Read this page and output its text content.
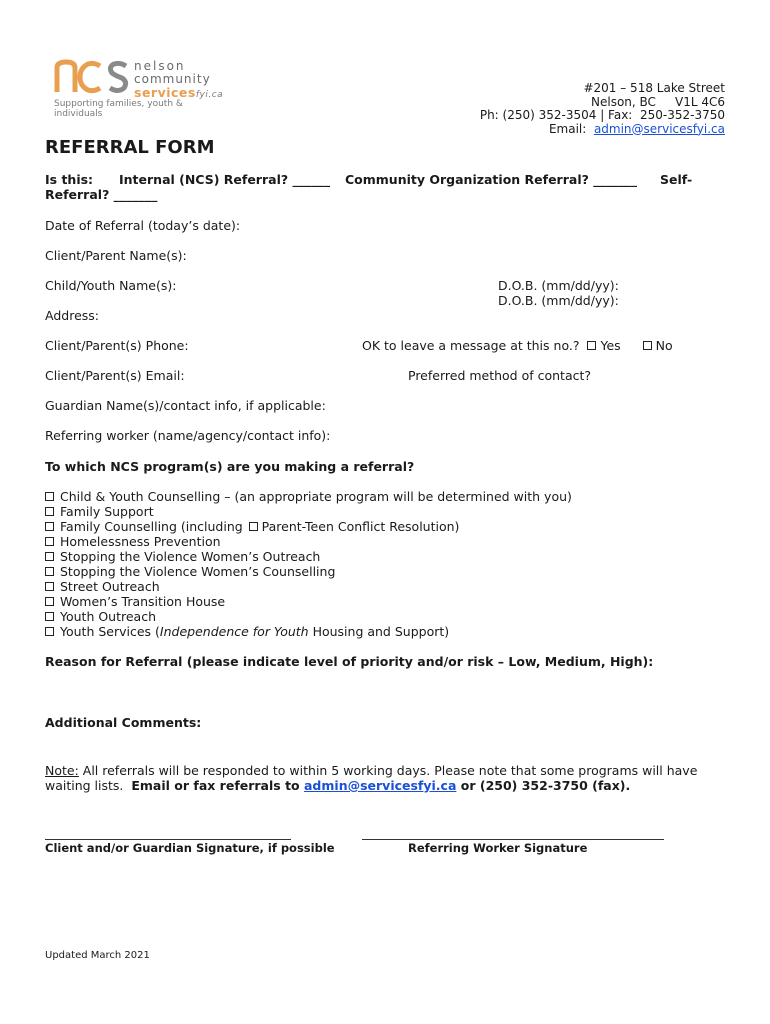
nelson
community
servicesfyi.ca
Supporting families, youth & individuals
#201 – 518 Lake Street
Nelson, BC     V1L 4C6
Ph: (250) 352-3504 | Fax:  250-352-3750
Email:  admin@servicesfyi.ca
REFERRAL FORM
Is this: Internal (NCS) Referral? ______ Community Organization Referral? _______ Self-
Referral? _______
Date of Referral (today’s date):
Client/Parent Name(s):
Child/Youth Name(s):	D.O.B. (mm/dd/yy):
D.O.B. (mm/dd/yy):
Address:
Client/Parent(s) Phone:	OK to leave a message at this no.? Yes	No
Client/Parent(s) Email:	Preferred method of contact?
Guardian Name(s)/contact info, if applicable:
Referring worker (name/agency/contact info):
To which NCS program(s) are you making a referral?
Child & Youth Counselling – (an appropriate program will be determined with you)
Family Support
Family Counselling (including Parent-Teen Conflict Resolution)
Homelessness Prevention
Stopping the Violence Women’s Outreach
Stopping the Violence Women’s Counselling
Street Outreach
Women’s Transition House
Youth Outreach
Youth Services (Independence for Youth Housing and Support)
Reason for Referral (please indicate level of priority and/or risk – Low, Medium, High):
Additional Comments:
Note: All referrals will be responded to within 5 working days. Please note that some programs will have
waiting lists.  Email or fax referrals to admin@servicesfyi.ca or (250) 352-3750 (fax).
Client and/or Guardian Signature, if possible	Referring Worker Signature
Updated March 2021
